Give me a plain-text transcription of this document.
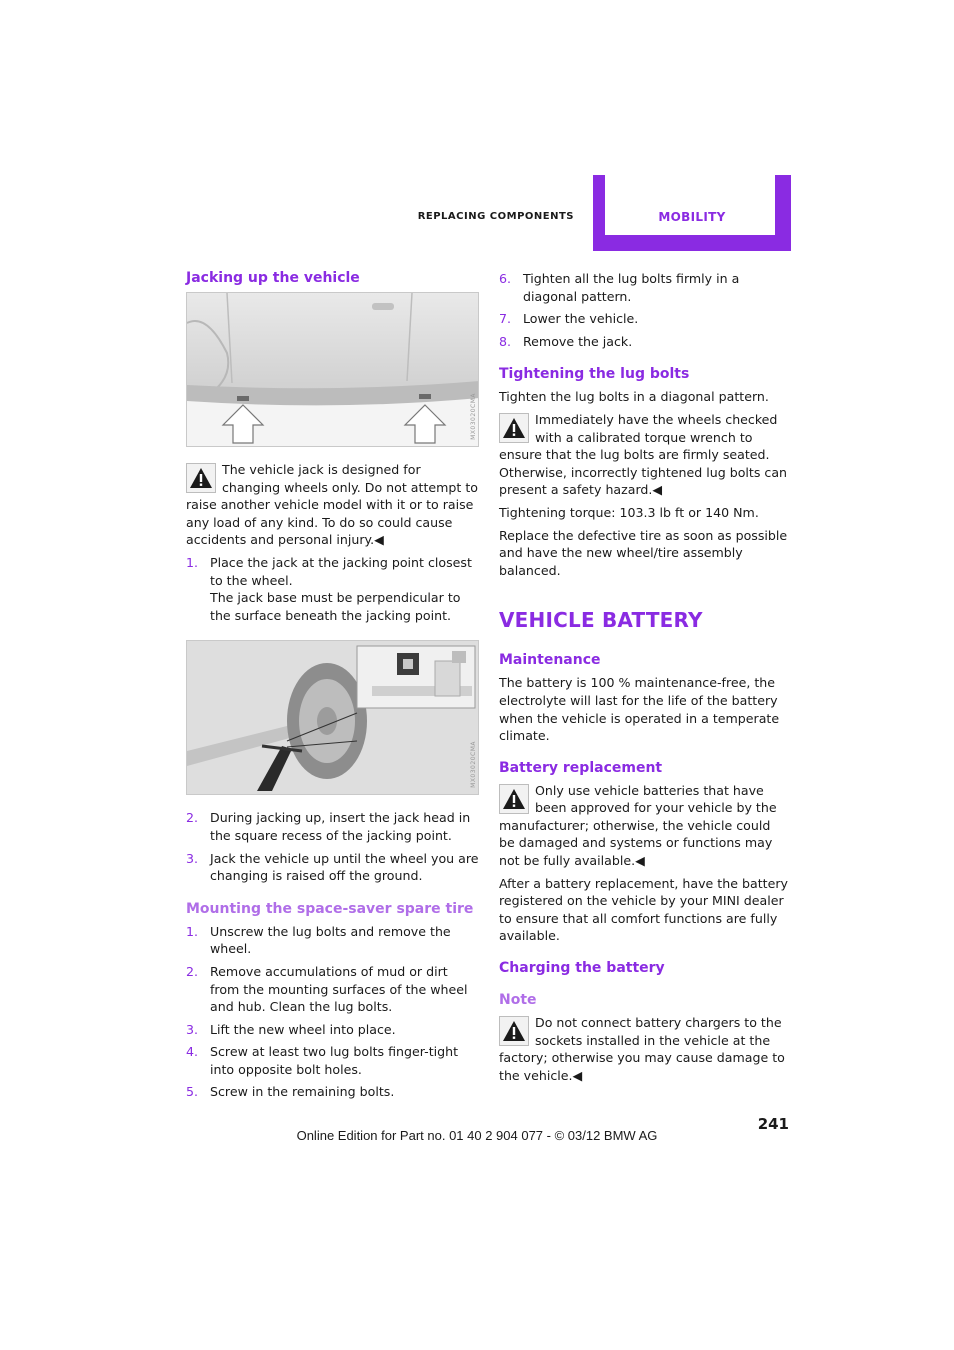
REPLACING COMPONENTS	MOBILITY
Jacking up the vehicle
MX03020CMA
The vehicle jack is designed for changing wheels only. Do not attempt to raise another vehicle model with it or to raise any load of any kind. To do so could cause accidents and personal injury.◀
1. Place the jack at the jacking point closest to the wheel.
The jack base must be perpendicular to the surface beneath the jacking point.
MX03020CMA
2. During jacking up, insert the jack head in the square recess of the jacking point.
3. Jack the vehicle up until the wheel you are changing is raised off the ground.
Mounting the space-saver spare tire
1. Unscrew the lug bolts and remove the wheel.
2. Remove accumulations of mud or dirt from the mounting surfaces of the wheel and hub. Clean the lug bolts.
3. Lift the new wheel into place.
4. Screw at least two lug bolts finger-tight into opposite bolt holes.
5. Screw in the remaining bolts.
6. Tighten all the lug bolts firmly in a diagonal pattern.
7. Lower the vehicle.
8. Remove the jack.
Tightening the lug bolts

Tighten the lug bolts in a diagonal pattern.

Immediately have the wheels checked with a calibrated torque wrench to ensure that the lug bolts are firmly seated. Otherwise, incorrectly tightened lug bolts can present a safety hazard.◀

Tightening torque: 103.3 lb ft or 140 Nm.

Replace the defective tire as soon as possible and have the new wheel/tire assembly balanced.

VEHICLE BATTERY
Maintenance

The battery is 100 % maintenance-free, the electrolyte will last for the life of the battery when the vehicle is operated in a temperate climate.

Battery replacement
Only use vehicle batteries that have been approved for your vehicle by the manufacturer; otherwise, the vehicle could be damaged and systems or functions may not be fully available.◀

After a battery replacement, have the battery registered on the vehicle by your MINI dealer to ensure that all comfort functions are fully available.

Charging the battery
Note
Do not connect battery chargers to the sockets installed in the vehicle at the factory; otherwise you may cause damage to the vehicle.◀
241
Online Edition for Part no. 01 40 2 904 077 - © 03/12 BMW AG
